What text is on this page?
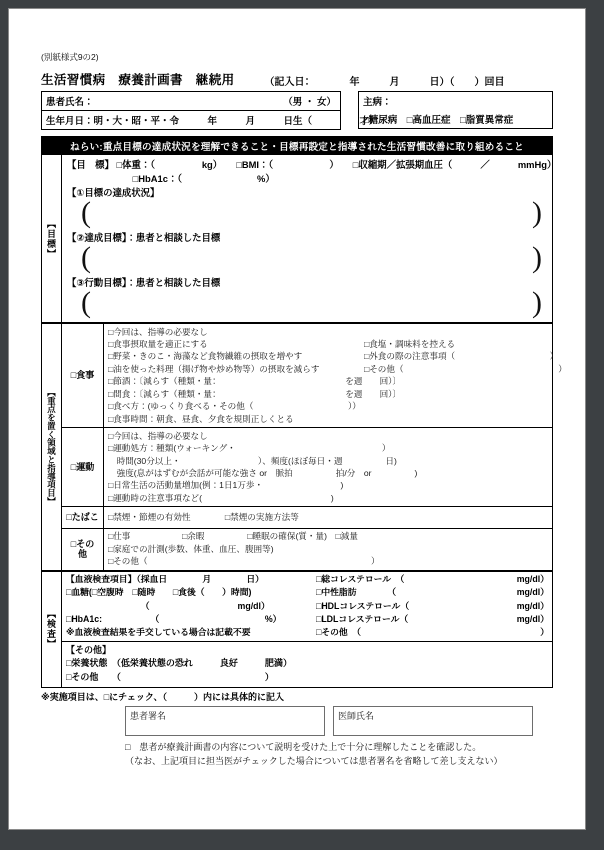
(別紙様式9の2)
生活習慣病　療養計画書　継続用	（記入日：　　　　年　　　月　　　日）（　　）回目
患者氏名：	（男 ・ 女）
生年月日：明・大・昭・平・令　　　年　　　月　　　日生（　　　　　才）
主病：
□糖尿病　□高血圧症　□脂質異常症
ねらい:重点目標の達成状況を理解できること・目標再設定と指導された生活習慣改善に取り組めること
【目標】
【目　標】 □体重：（　　　　　kg）　　□BMI：（　　　　　　）　　□収縮期／拡張期血圧（　　　／　　　mmHg）
　　　　　　　□HbA1c：（　　　　　　　　%）
【①目標の達成状況】
(	)
【②達成目標】：患者と相談した目標
(	)
【③行動目標】：患者と相談した目標
(	)
【重点を置く領域と指導項目】
□食事
□今回は、指導の必要なし
□食事摂取量を適正にする	□食塩・調味料を控える
□野菜・きのこ・海藻など食物繊維の摂取を増やす	□外食の際の注意事項（　　　　　　　　　　　）
□油を使った料理（揚げ物や炒め物等）の摂取を減らす	□その他（　　　　　　　　　　　　　　　　　　）
□節酒：〔減らす（種類・量：　　　　　　　　　　　　　　　を週　　回）〕
□間食：〔減らす（種類・量：　　　　　　　　　　　　　　　を週　　回）〕
□食べ方：(ゆっくり食べる・その他（　　　　　　　　　　　））
□食事時間：朝食、昼食、夕食を規則正しくとる
□運動
□今回は、指導の必要なし
□運動処方：種類(ウォーキング・　　　　　　　　　　　　　　　　　）
　時間(30分以上・　　　　　　　　　）、頻度(ほぼ毎日・週　　　　　日)
　強度(息がはずむが会話が可能な強さ or　脈拍　　　　　拍/分　or　　　　　)
□日常生活の活動量増加(例：1日1万歩・　　　　　　　　　)
□運動時の注意事項など(　　　　　　　　　　　　　　　)
□たばこ	□禁煙・節煙の有効性　　　　□禁煙の実施方法等
□その
他
□仕事　　　　　　□余暇　　　　　□睡眠の確保(質・量)　□減量
□家庭での計測(歩数、体重、血圧、腹囲等)
□その他（　　　　　　　　　　　　　　　　　　　　　　　　　　）
【検査】
【血液検査項目】（採血日　　　　月　　　　日）	□総コレステロール　（	mg/dl）
□血糖(□空腹時　□随時　　□食後（　　）時間)	□中性脂肪　　　　（	mg/dl）
　　　　　　　　　（　　　　　　　　　　mg/dl）	□HDLコレステロール（	mg/dl）
□HbA1c:　　　　　　（　　　　　　　　　　　　%）	□LDLコレステロール（	mg/dl）
※血液検査結果を手交している場合は記載不要	□その他　（	　　　　　　　　　）
【その他】
□栄養状態　（低栄養状態の恐れ　　　良好　　　肥満）
□その他　　（　　　　　　　　　　　　　　　　）
※実施項目は、□にチェック、（　　　）内には具体的に記入
患者署名	医師氏名
□　患者が療養計画書の内容について説明を受けた上で十分に理解したことを確認した。
（なお、上記項目に担当医がチェックした場合については患者署名を省略して差し支えない）
